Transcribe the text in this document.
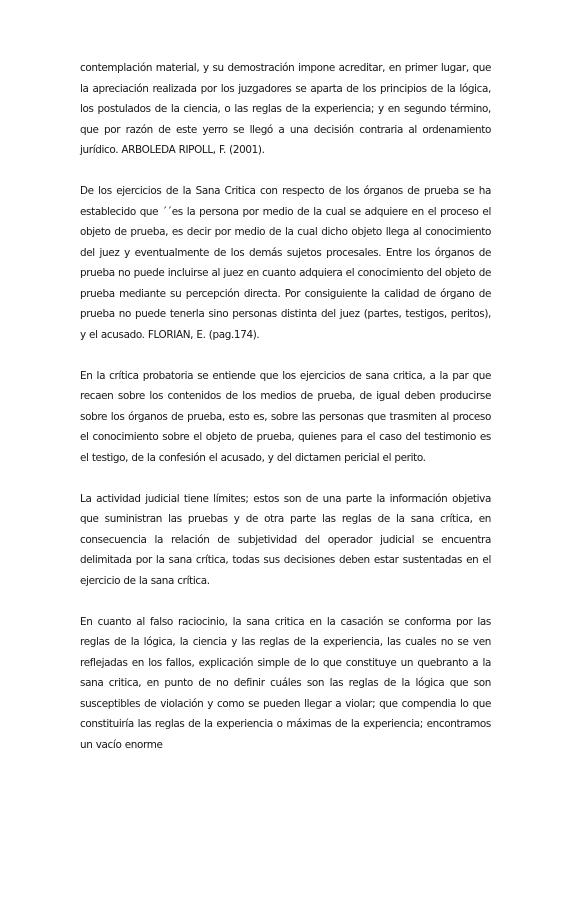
contemplación material, y su demostración impone acreditar, en primer lugar, que la apreciación realizada por los juzgadores se aparta de los principios de la lógica, los postulados de la ciencia, o las reglas de la experiencia; y en segundo término, que por razón de este yerro se llegó a una decisión contraria al ordenamiento jurídico. ARBOLEDA RIPOLL, F. (2001).

De los ejercicios de la Sana Critica con respecto de los órganos de prueba se ha establecido que ´´es la persona por medio de la cual se adquiere en el proceso el objeto de prueba, es decir por medio de la cual dicho objeto llega al conocimiento del juez y eventualmente de los demás sujetos procesales. Entre los órganos de prueba no puede incluirse al juez en cuanto adquiera el conocimiento del objeto de prueba mediante su percepción directa. Por consiguiente la calidad de órgano de prueba no puede tenerla sino personas distinta del juez (partes, testigos, peritos), y el acusado. FLORIAN, E. (pag.174).

En la crítica probatoria se entiende que los ejercicios de sana critica, a la par que recaen sobre los contenidos de los medios de prueba, de igual deben producirse sobre los órganos de prueba, esto es, sobre las personas que trasmiten al proceso el conocimiento sobre el objeto de prueba, quienes para el caso del testimonio es el testigo, de la confesión el acusado, y del dictamen pericial el perito.

La actividad judicial tiene límites; estos son de una parte la información objetiva que suministran las pruebas y de otra parte las reglas de la sana crítica, en consecuencia la relación de subjetividad del operador judicial se encuentra delimitada por la sana crítica, todas sus decisiones deben estar sustentadas en el ejercicio de la sana crítica.

En cuanto al falso raciocinio, la sana critica en la casación se conforma por las reglas de la lógica, la ciencia y las reglas de la experiencia, las cuales no se ven reflejadas en los fallos, explicación simple de lo que constituye un quebranto a la sana critica, en punto de no definir cuáles son las reglas de la lógica que son susceptibles de violación y como se pueden llegar a violar; que compendia lo que constituiría las reglas de la experiencia o máximas de la experiencia; encontramos un vacío enorme
